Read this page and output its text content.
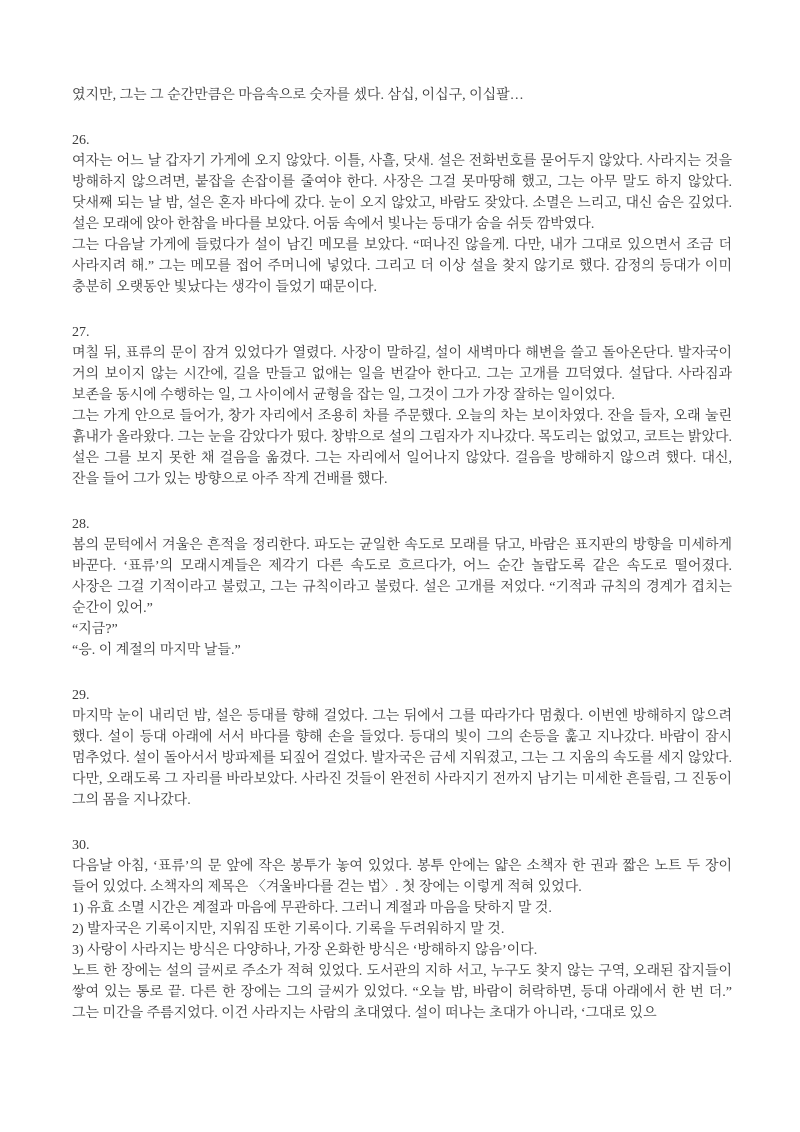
였지만, 그는 그 순간만큼은 마음속으로 숫자를 셌다. 삼십, 이십구, 이십팔…

26.

여자는 어느 날 갑자기 가게에 오지 않았다. 이틀, 사흘, 닷새. 설은 전화번호를 묻어두지 않았다. 사라지는 것을 방해하지 않으려면, 붙잡을 손잡이를 줄여야 한다. 사장은 그걸 못마땅해 했고, 그는 아무 말도 하지 않았다. 닷새째 되는 날 밤, 설은 혼자 바다에 갔다. 눈이 오지 않았고, 바람도 잦았다. 소멸은 느리고, 대신 숨은 깊었다. 설은 모래에 앉아 한참을 바다를 보았다. 어둠 속에서 빛나는 등대가 숨을 쉬듯 깜박였다.

그는 다음날 가게에 들렀다가 설이 남긴 메모를 보았다. “떠나진 않을게. 다만, 내가 그대로 있으면서 조금 더 사라지려 해.” 그는 메모를 접어 주머니에 넣었다. 그리고 더 이상 설을 찾지 않기로 했다. 감정의 등대가 이미 충분히 오랫동안 빛났다는 생각이 들었기 때문이다.

27.

며칠 뒤, 표류의 문이 잠겨 있었다가 열렸다. 사장이 말하길, 설이 새벽마다 해변을 쓸고 돌아온단다. 발자국이 거의 보이지 않는 시간에, 길을 만들고 없애는 일을 번갈아 한다고. 그는 고개를 끄덕였다. 설답다. 사라짐과 보존을 동시에 수행하는 일, 그 사이에서 균형을 잡는 일, 그것이 그가 가장 잘하는 일이었다.

그는 가게 안으로 들어가, 창가 자리에서 조용히 차를 주문했다. 오늘의 차는 보이차였다. 잔을 들자, 오래 눌린 흙내가 올라왔다. 그는 눈을 감았다가 떴다. 창밖으로 설의 그림자가 지나갔다. 목도리는 없었고, 코트는 밝았다. 설은 그를 보지 못한 채 걸음을 옮겼다. 그는 자리에서 일어나지 않았다. 걸음을 방해하지 않으려 했다. 대신, 잔을 들어 그가 있는 방향으로 아주 작게 건배를 했다.

28.

봄의 문턱에서 겨울은 흔적을 정리한다. 파도는 균일한 속도로 모래를 닦고, 바람은 표지판의 방향을 미세하게 바꾼다. ‘표류’의 모래시계들은 제각기 다른 속도로 흐르다가, 어느 순간 놀랍도록 같은 속도로 떨어졌다. 사장은 그걸 기적이라고 불렀고, 그는 규칙이라고 불렀다. 설은 고개를 저었다. “기적과 규칙의 경계가 겹치는 순간이 있어.”

“지금?”

“응. 이 계절의 마지막 날들.”

29.

마지막 눈이 내리던 밤, 설은 등대를 향해 걸었다. 그는 뒤에서 그를 따라가다 멈췄다. 이번엔 방해하지 않으려 했다. 설이 등대 아래에 서서 바다를 향해 손을 들었다. 등대의 빛이 그의 손등을 훑고 지나갔다. 바람이 잠시 멈추었다. 설이 돌아서서 방파제를 되짚어 걸었다. 발자국은 금세 지워졌고, 그는 그 지움의 속도를 세지 않았다. 다만, 오래도록 그 자리를 바라보았다. 사라진 것들이 완전히 사라지기 전까지 남기는 미세한 흔들림, 그 진동이 그의 몸을 지나갔다.

30.

다음날 아침, ‘표류’의 문 앞에 작은 봉투가 놓여 있었다. 봉투 안에는 얇은 소책자 한 권과 짧은 노트 두 장이 들어 있었다. 소책자의 제목은 〈겨울바다를 걷는 법〉. 첫 장에는 이렇게 적혀 있었다.

1) 유효 소멸 시간은 계절과 마음에 무관하다. 그러니 계절과 마음을 탓하지 말 것.

2) 발자국은 기록이지만, 지워짐 또한 기록이다. 기록을 두려워하지 말 것.

3) 사랑이 사라지는 방식은 다양하나, 가장 온화한 방식은 ‘방해하지 않음’이다.

노트 한 장에는 설의 글씨로 주소가 적혀 있었다. 도서관의 지하 서고, 누구도 찾지 않는 구역, 오래된 잡지들이 쌓여 있는 통로 끝. 다른 한 장에는 그의 글씨가 있었다. “오늘 밤, 바람이 허락하면, 등대 아래에서 한 번 더.” 그는 미간을 주름지었다. 이건 사라지는 사람의 초대였다. 설이 떠나는 초대가 아니라, ‘그대로 있으
